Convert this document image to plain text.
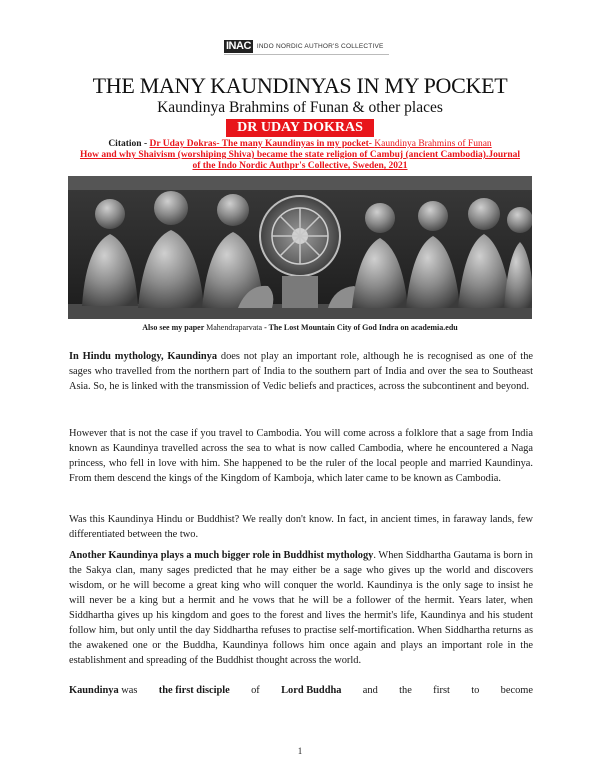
INAC INDO NORDIC AUTHOR'S COLLECTIVE
THE MANY KAUNDINYAS IN MY POCKET
Kaundinya Brahmins of Funan & other places
DR UDAY DOKRAS
Citation - Dr Uday Dokras- The many Kaundinyas in my pocket- Kaundinya Brahmins of Funan
How and why Shaivism (worshiping Shiva) became the state religion of Cambuj (ancient Cambodia).Journal
of the Indo Nordic Authpr's Collective, Sweden, 2021
Also see my paper Mahendraparvata - The Lost Mountain City of God Indra on academia.edu
In Hindu mythology, Kaundinya does not play an important role, although he is recognised as one of the sages who travelled from the northern part of India to the southern part of India and over the sea to Southeast Asia. So, he is linked with the transmission of Vedic beliefs and practices, across the subcontinent and beyond.
However that is not the case if you travel to Cambodia. You will come across a folklore that a sage from India known as Kaundinya travelled across the sea to what is now called Cambodia, where he encountered a Naga princess, who fell in love with him. She happened to be the ruler of the local people and married Kaundinya. From them descend the kings of the Kingdom of Kamboja, which later came to be known as Cambodia.
Was this Kaundinya Hindu or Buddhist? We really don't know. In fact, in ancient times, in faraway lands, few differentiated between the two.
Another Kaundinya plays a much bigger role in Buddhist mythology. When Siddhartha Gautama is born in the Sakya clan, many sages predicted that he may either be a sage who gives up the world and discovers wisdom, or he will become a great king who will conquer the world. Kaundinya is the only sage to insist he will never be a king but a hermit and he vows that he will be a follower of the hermit. Years later, when Siddhartha gives up his kingdom and goes to the forest and lives the hermit's life, Kaundinya and his student follow him, but only until the day Siddhartha refuses to practise self-mortification. When Siddhartha returns as the awakened one or the Buddha, Kaundinya follows him once again and plays an important role in the establishment and spreading of the Buddhist thought across the world.
Kaundinya was the first disciple of Lord Buddha and the first to become
1
